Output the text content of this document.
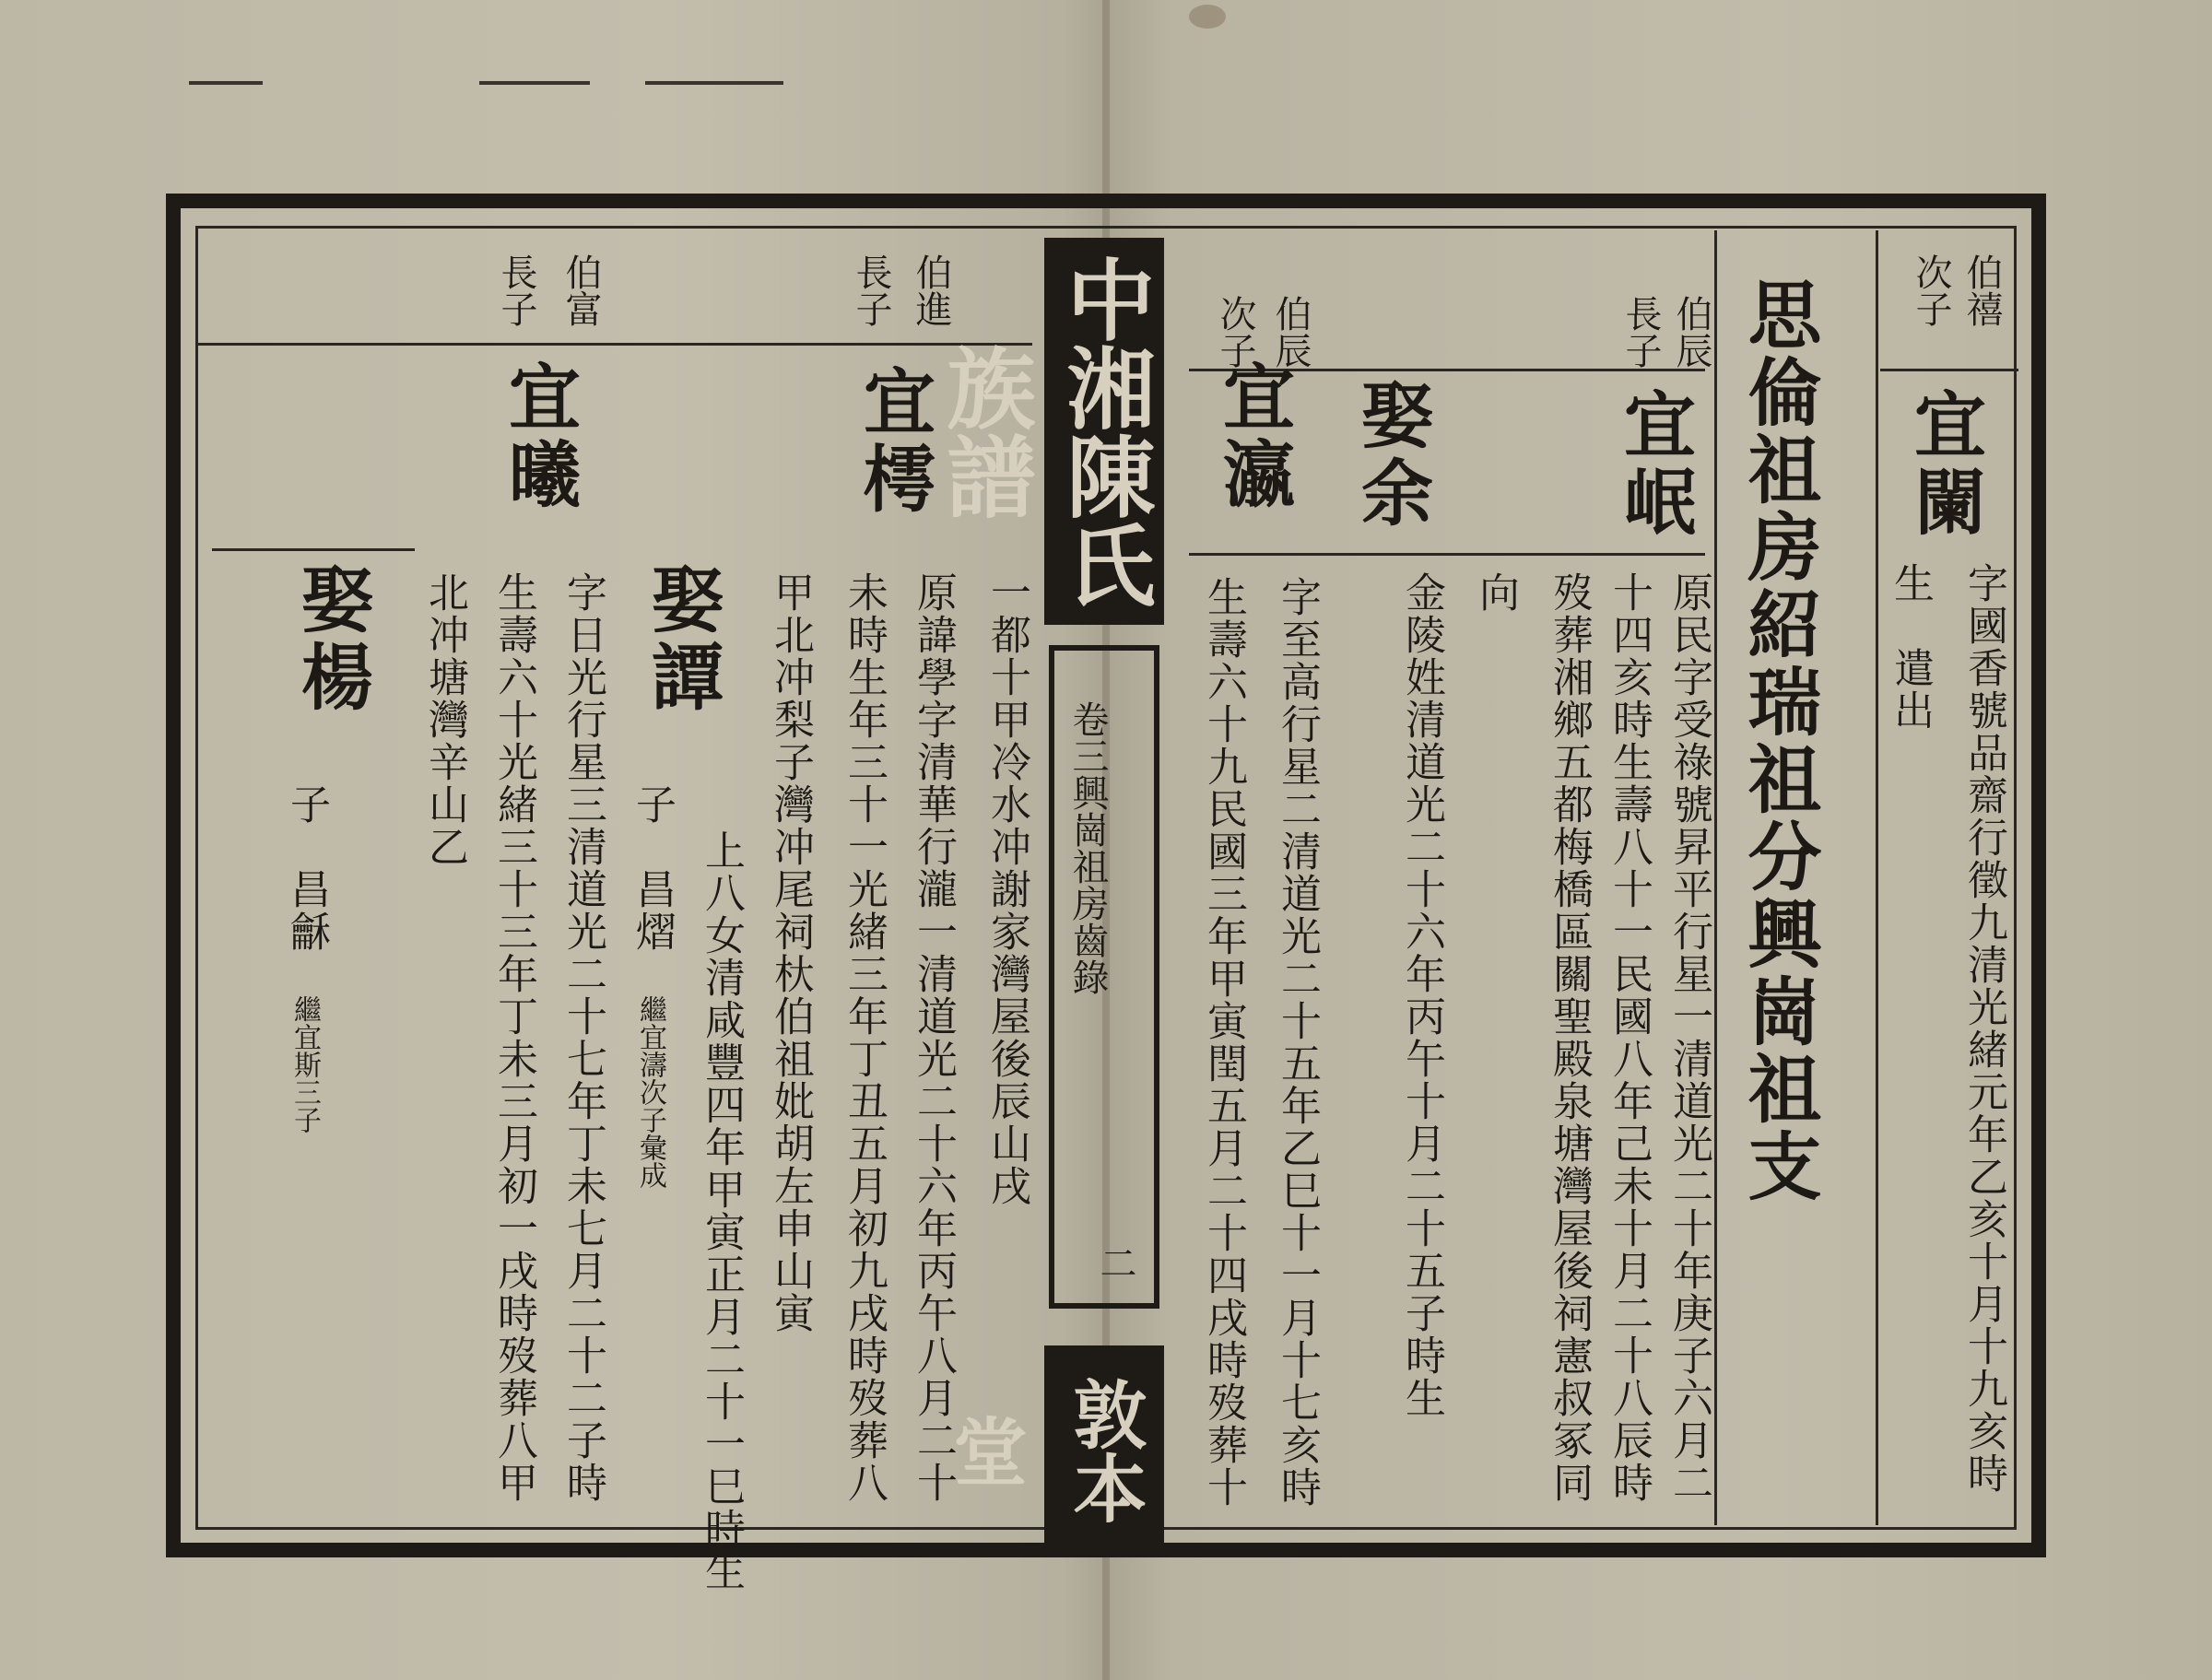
思倫祖房紹瑞祖分興崗祖支	伯禧
次子
宜闌
字國香號品齋行徵九清光緒元年乙亥十月十九亥時
生　遣出
伯辰
長子
宜岷
原民字受祿號昇平行星一清道光二十年庚子六月二
十四亥時生壽八十一民國八年己未十月二十八辰時
歿葬湘鄉五都梅橋區關聖殿泉塘灣屋後祠憲叔冢同
向
娶余
金陵姓清道光二十六年丙午十月二十五子時生
伯辰
次子
宜瀛
字至高行星二清道光二十五年乙巳十一月十七亥時
生壽六十九民國三年甲寅閏五月二十四戌時歿葬十
中湘陳氏族譜
卷三興崗祖房齒錄
二
敦本堂
伯進
長子
宜樗
一都十甲冷水冲謝家灣屋後辰山戌
原諱學字清華行瀧一清道光二十六年丙午八月二十
未時生年三十一光緒三年丁丑五月初九戌時歿葬八
甲北冲梨子灣冲尾祠杕伯祖妣胡左申山寅
娶譚
上八女清咸豐四年甲寅正月二十一巳時生
子　昌熠
繼宜濤次子彙成
伯富
長子
宜曦
字日光行星三清道光二十七年丁未七月二十二子時
生壽六十光緒三十三年丁未三月初一戌時歿葬八甲
北冲塘灣辛山乙
娶楊
子　昌龢
繼宜斯三子
